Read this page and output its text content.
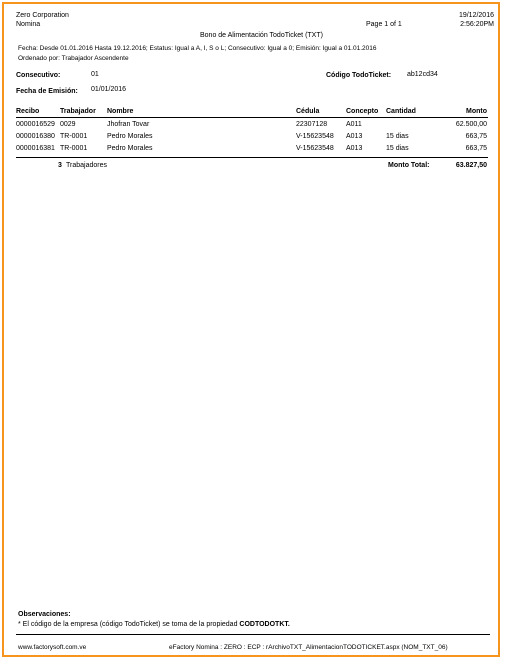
Zero Corporation
Nomina
Bono de Alimentación TodoTicket (TXT)
Page 1 of 1
19/12/2016
2:56:20PM
Fecha: Desde 01.01.2016 Hasta 19.12.2016; Estatus: Igual a A, I, S o L; Consecutivo: Igual a 0; Emisión: Igual a 01.01.2016
Ordenado por: Trabajador Ascendente
Consecutivo:	01	Código TodoTicket: ab12cd34
Fecha de Emisión: 01/01/2016
Recibo	Trabajador Nombre	Cédula	Concepto Cantidad	Monto
0000016529 0029	Jhofran Tovar	22307128	A011	62.500,00
0000016380 TR-0001	Pedro Morales	V-15623548 A013	15 dias	663,75
0000016381 TR-0001	Pedro Morales	V-15623548 A013	15 dias	663,75
3 Trabajadores	Monto Total:	63.827,50
Observaciones:
* El código de la empresa (código TodoTicket) se toma de la propiedad CODTODOTKT.
www.factorysoft.com.ve	eFactory Nomina : ZERO : ECP : rArchivoTXT_AlimentacionTODOTICKET.aspx (NOM_TXT_06)
